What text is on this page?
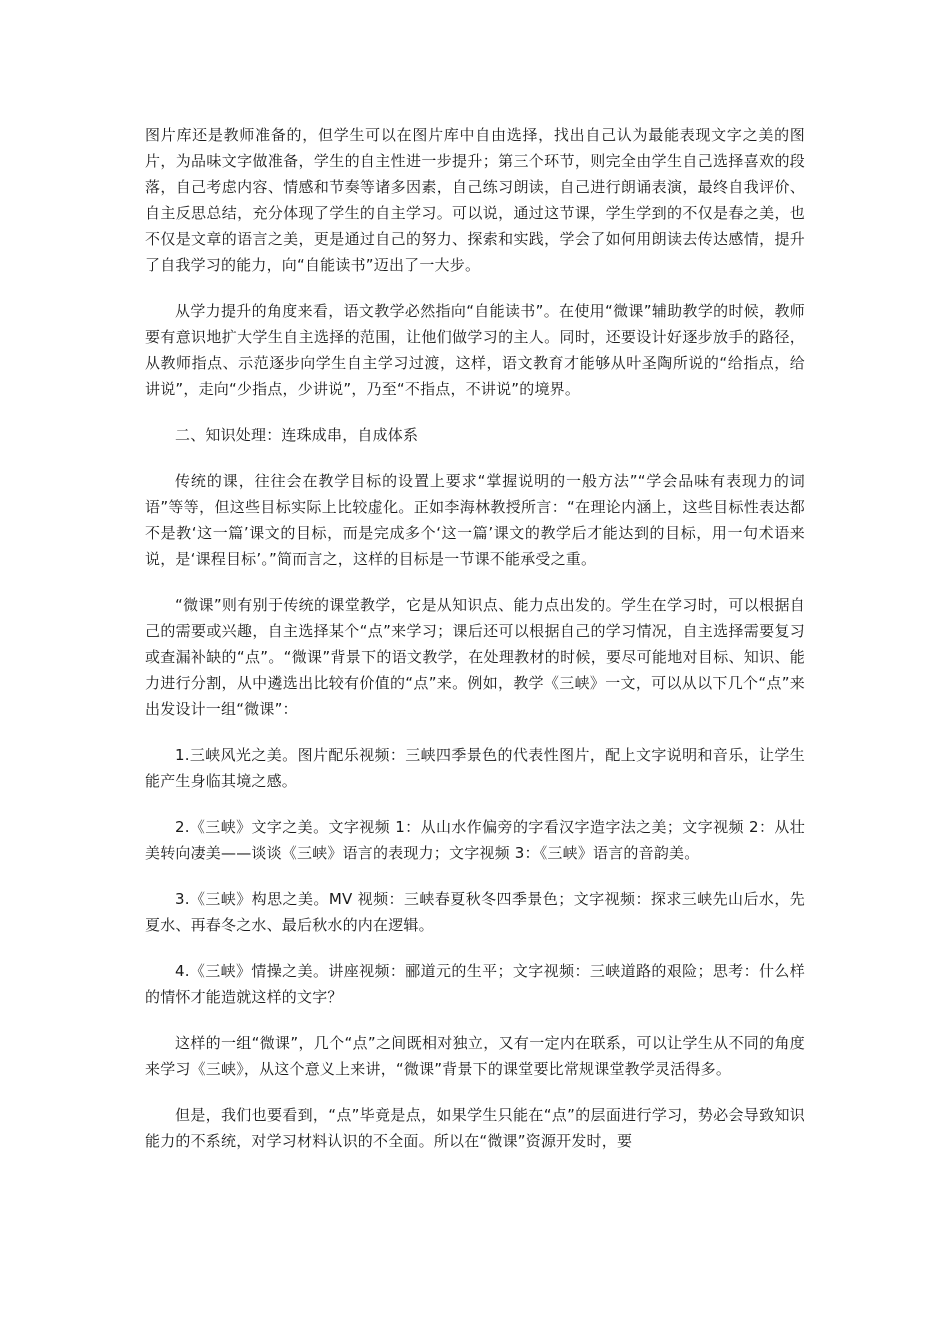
图片库还是教师准备的，但学生可以在图片库中自由选择，找出自己认为最能表现文字之美的图片，为品味文字做准备，学生的自主性进一步提升；第三个环节，则完全由学生自己选择喜欢的段落，自己考虑内容、情感和节奏等诸多因素，自己练习朗读，自己进行朗诵表演，最终自我评价、自主反思总结，充分体现了学生的自主学习。可以说，通过这节课，学生学到的不仅是春之美，也不仅是文章的语言之美，更是通过自己的努力、探索和实践，学会了如何用朗读去传达感情，提升了自我学习的能力，向“自能读书”迈出了一大步。

从学力提升的角度来看，语文教学必然指向“自能读书”。在使用“微课”辅助教学的时候，教师要有意识地扩大学生自主选择的范围，让他们做学习的主人。同时，还要设计好逐步放手的路径，从教师指点、示范逐步向学生自主学习过渡，这样，语文教育才能够从叶圣陶所说的“给指点，给讲说”，走向“少指点，少讲说”，乃至“不指点，不讲说”的境界。

二、知识处理：连珠成串，自成体系

传统的课，往往会在教学目标的设置上要求“掌握说明的一般方法”“学会品味有表现力的词语”等等，但这些目标实际上比较虚化。正如李海林教授所言：“在理论内涵上，这些目标性表达都不是教‘这一篇’课文的目标，而是完成多个‘这一篇’课文的教学后才能达到的目标，用一句术语来说，是‘课程目标’。”简而言之，这样的目标是一节课不能承受之重。

“微课”则有别于传统的课堂教学，它是从知识点、能力点出发的。学生在学习时，可以根据自己的需要或兴趣，自主选择某个“点”来学习；课后还可以根据自己的学习情况，自主选择需要复习或查漏补缺的“点”。“微课”背景下的语文教学，在处理教材的时候，要尽可能地对目标、知识、能力进行分割，从中遴选出比较有价值的“点”来。例如，教学《三峡》一文，可以从以下几个“点”来出发设计一组“微课”：

1.三峡风光之美。图片配乐视频：三峡四季景色的代表性图片，配上文字说明和音乐，让学生能产生身临其境之感。

2.《三峡》文字之美。文字视频 1：从山水作偏旁的字看汉字造字法之美；文字视频 2：从壮美转向凄美——谈谈《三峡》语言的表现力；文字视频 3：《三峡》语言的音韵美。

3.《三峡》构思之美。MV 视频：三峡春夏秋冬四季景色；文字视频：探求三峡先山后水，先夏水、再春冬之水、最后秋水的内在逻辑。

4.《三峡》情操之美。讲座视频：郦道元的生平；文字视频：三峡道路的艰险；思考：什么样的情怀才能造就这样的文字？

这样的一组“微课”，几个“点”之间既相对独立，又有一定内在联系，可以让学生从不同的角度来学习《三峡》，从这个意义上来讲，“微课”背景下的课堂要比常规课堂教学灵活得多。

但是，我们也要看到，“点”毕竟是点，如果学生只能在“点”的层面进行学习，势必会导致知识能力的不系统，对学习材料认识的不全面。所以在“微课”资源开发时，要
